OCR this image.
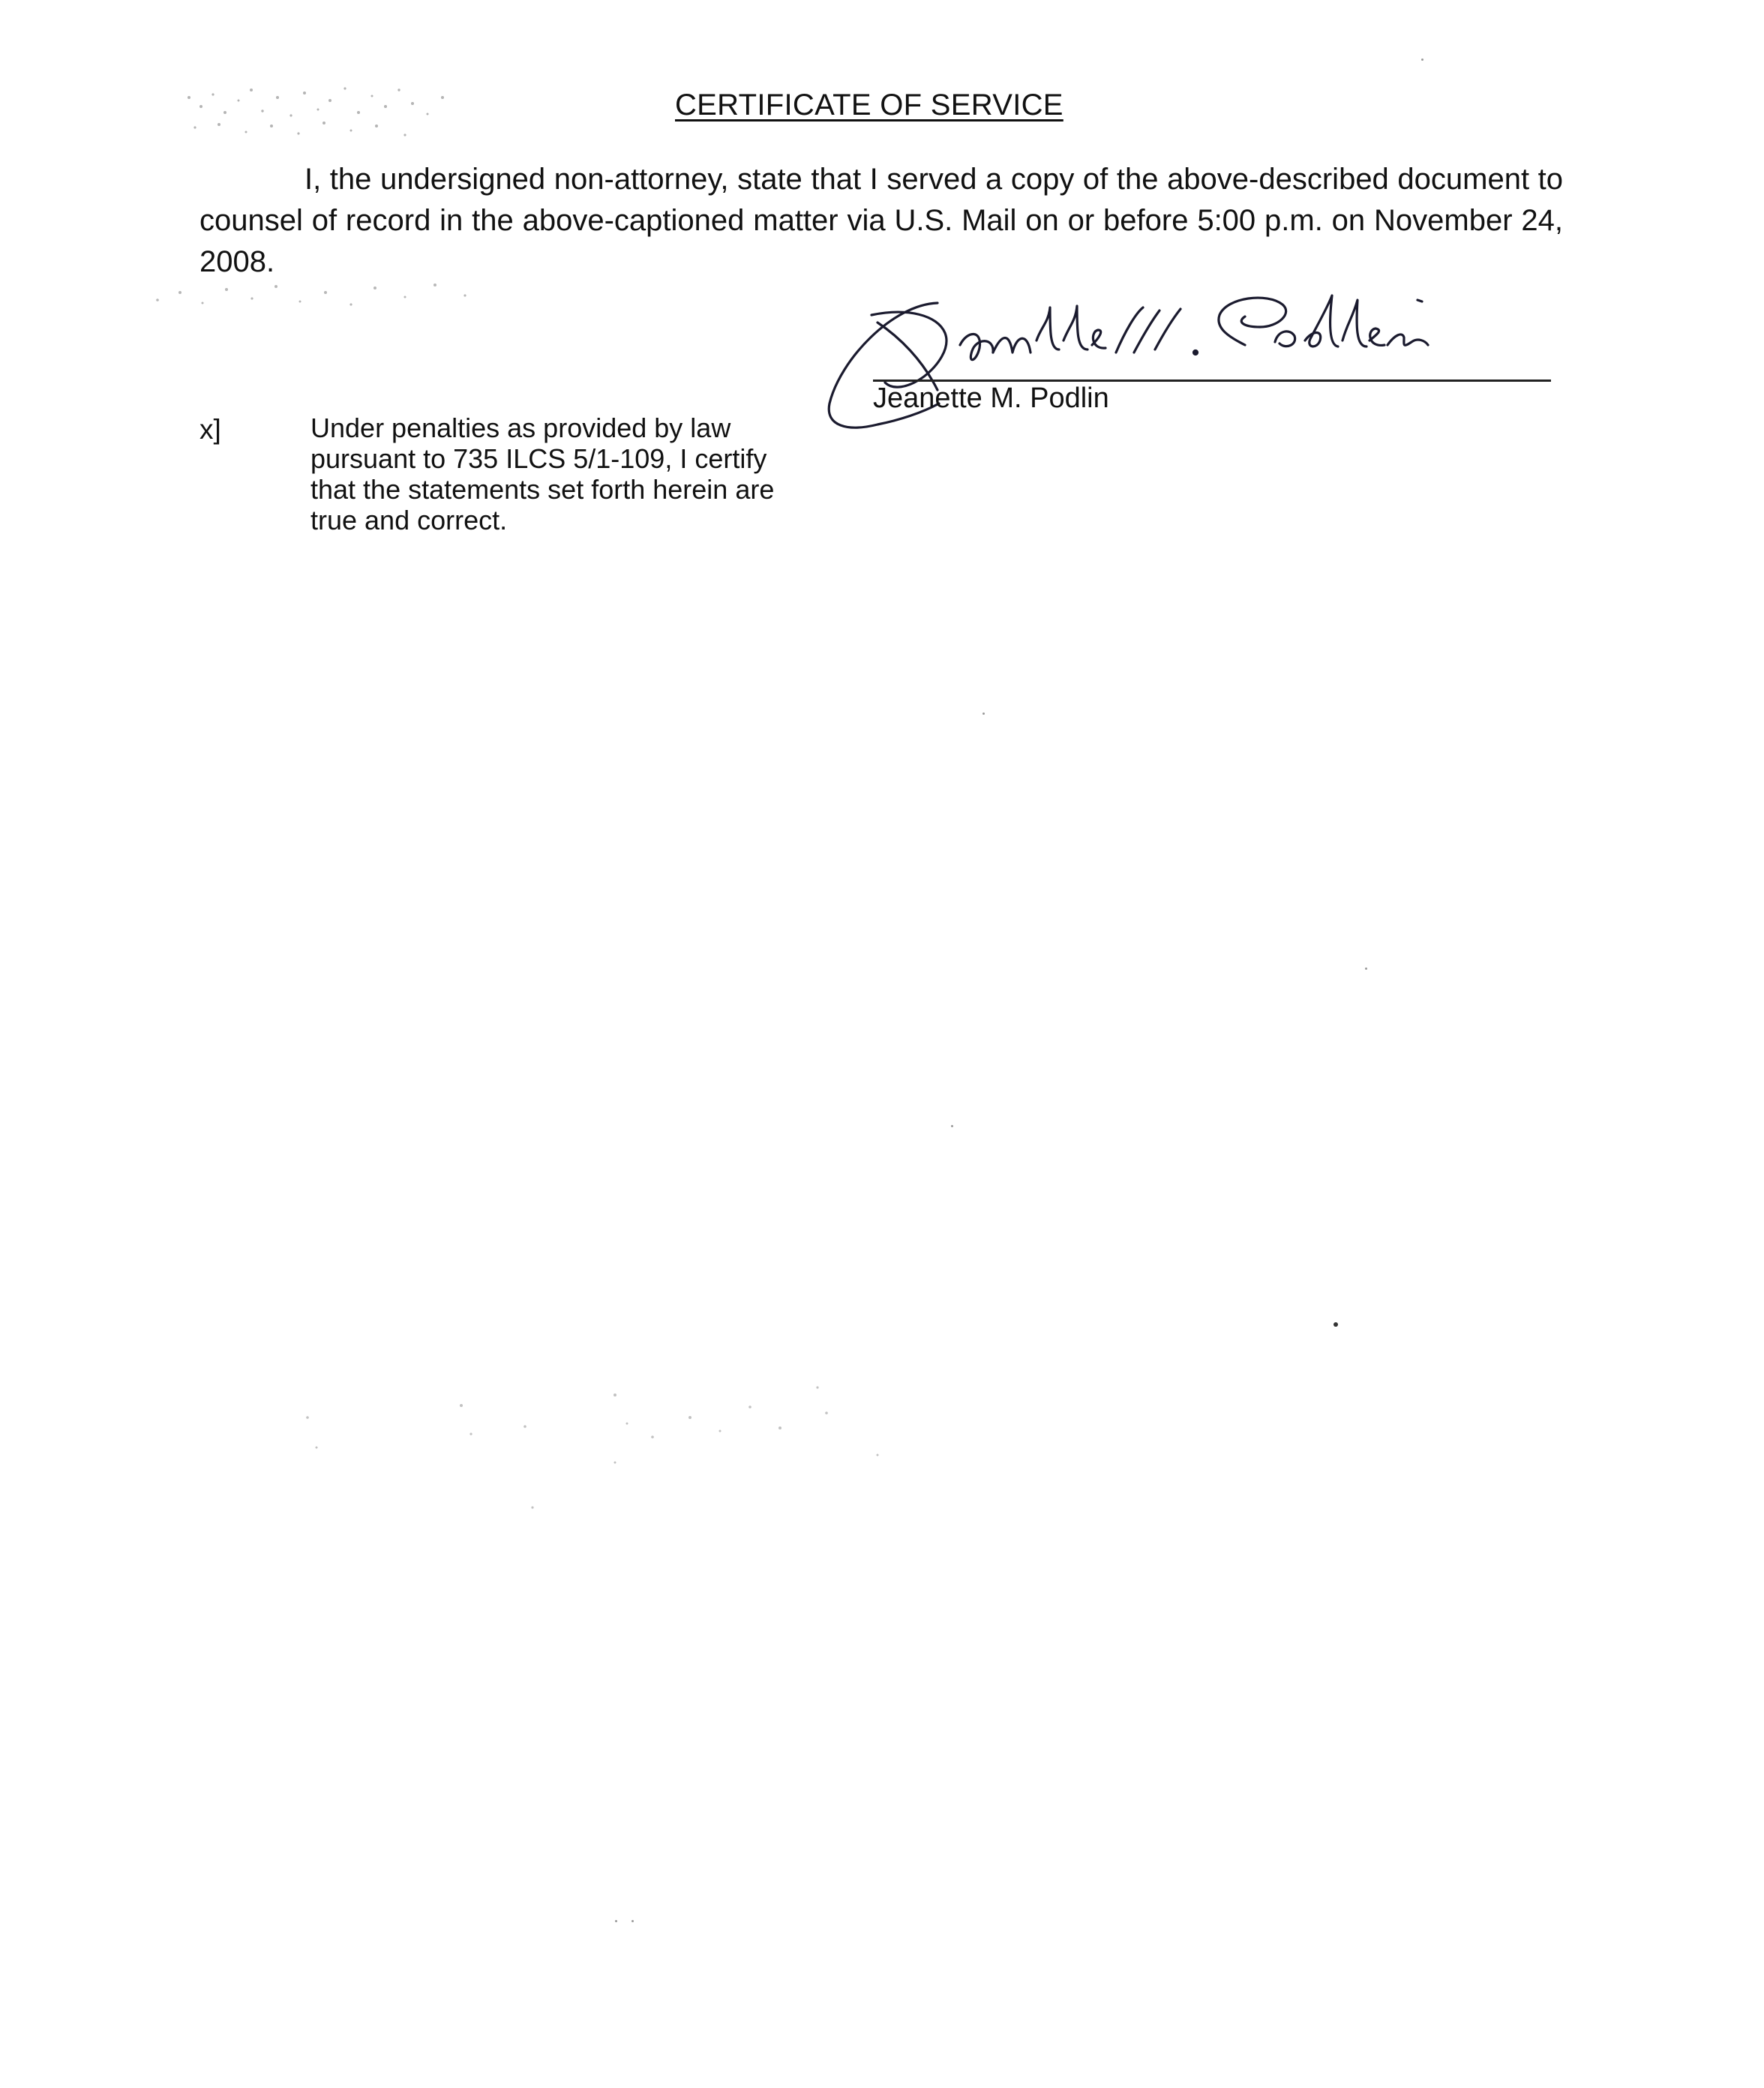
CERTIFICATE OF SERVICE

I, the undersigned non-attorney, state that I served a copy of the above-described document to counsel of record in the above-captioned matter via U.S. Mail on or before 5:00 p.m. on November 24, 2008.

Jeanette M. Podlin
x]	Under penalties as provided by law pursuant to 735 ILCS 5/1-109, I certify that the statements set forth herein are true and correct.
